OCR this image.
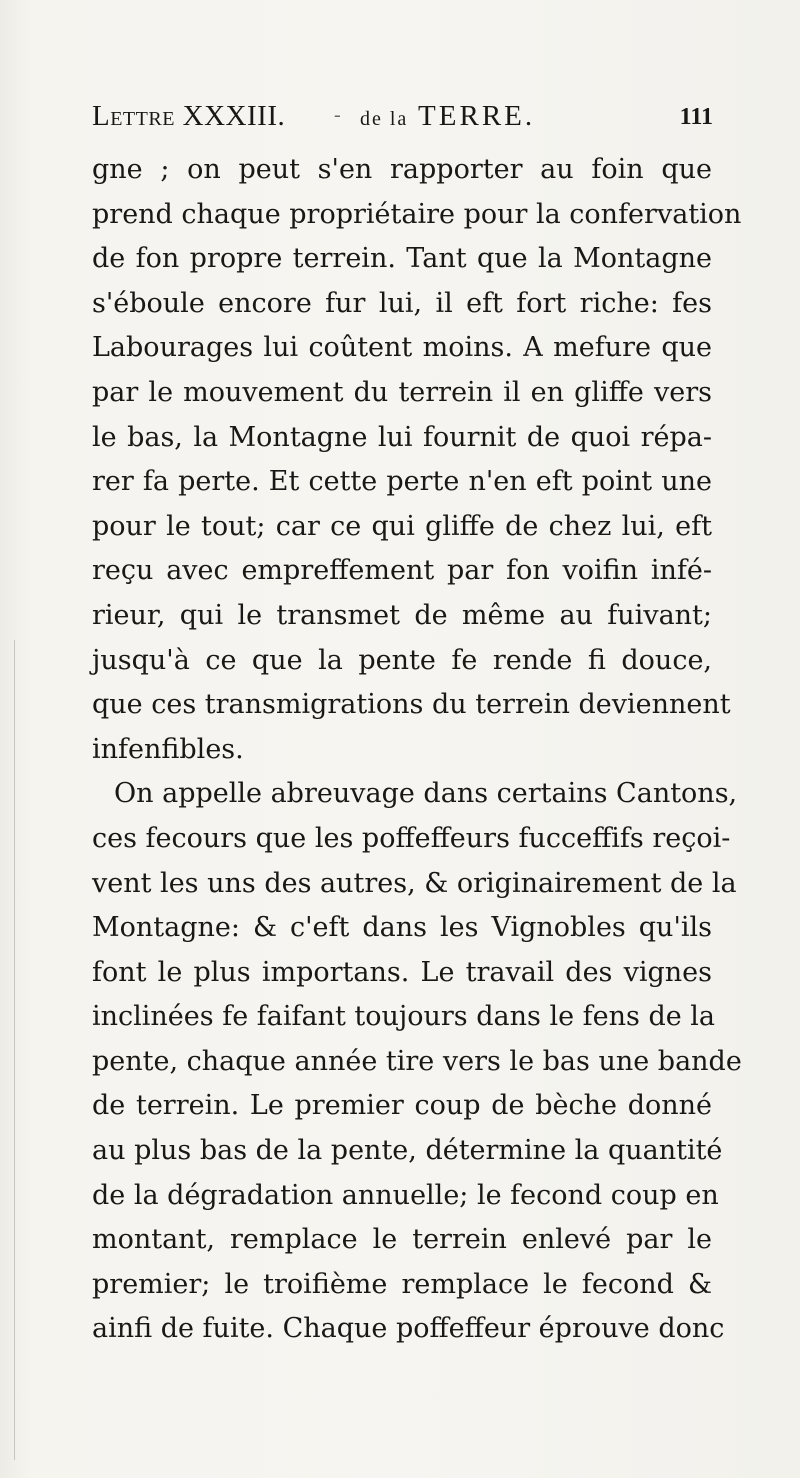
Lettre XXXIII. - de la TERRE.	111
gne ; on peut s'en rapporter au foin que
prend chaque propriétaire pour la confervation
de fon propre terrein. Tant que la Montagne
s'éboule encore fur lui, il eft fort riche: fes
Labourages lui coûtent moins. A mefure que
par le mouvement du terrein il en gliffe vers
le bas, la Montagne lui fournit de quoi répa-
rer fa perte. Et cette perte n'en eft point une
pour le tout; car ce qui gliffe de chez lui, eft
reçu avec empreffement par fon voifin infé-
rieur, qui le transmet de même au fuivant;
jusqu'à ce que la pente fe rende fi douce,
que ces transmigrations du terrein deviennent
infenfibles.
On appelle abreuvage dans certains Cantons,
ces fecours que les poffeffeurs fucceffifs reçoi-
vent les uns des autres, & originairement de la
Montagne: & c'eft dans les Vignobles qu'ils
font le plus importans. Le travail des vignes
inclinées fe faifant toujours dans le fens de la
pente, chaque année tire vers le bas une bande
de terrein. Le premier coup de bèche donné
au plus bas de la pente, détermine la quantité
de la dégradation annuelle; le fecond coup en
montant, remplace le terrein enlevé par le
premier; le troifième remplace le fecond &
ainfi de fuite. Chaque poffeffeur éprouve donc
